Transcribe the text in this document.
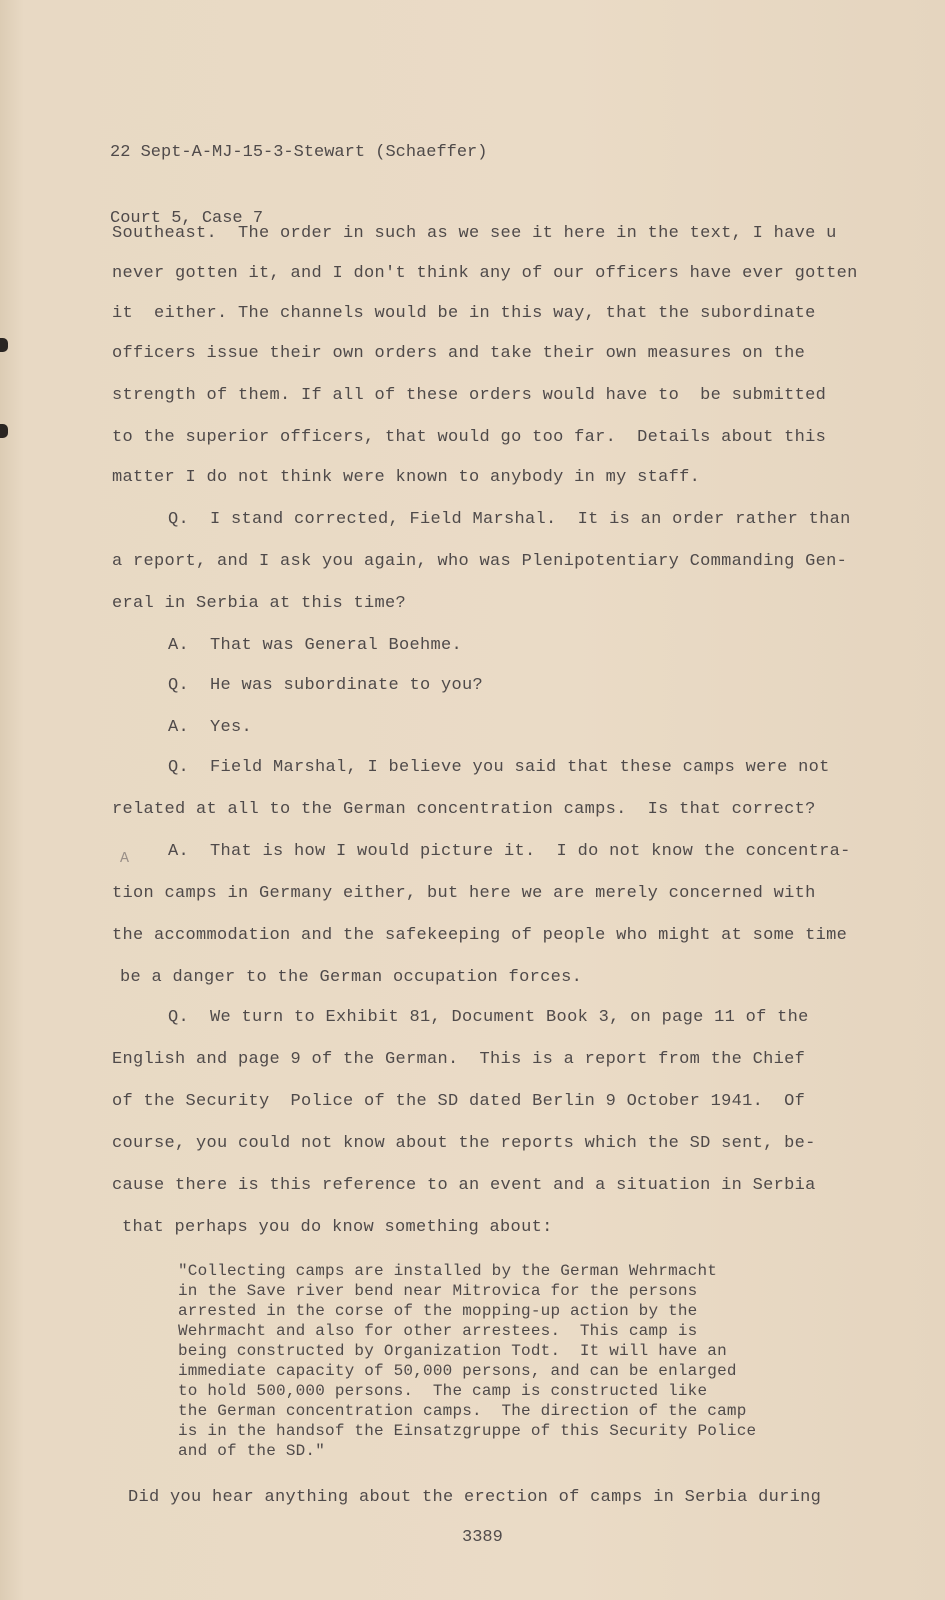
22 Sept-A-MJ-15-3-Stewart (Schaeffer)

Court 5, Case 7

Southeast.  The order in such as we see it here in the text, I have u
never gotten it, and I don't think any of our officers have ever gotten
it  either. The channels would be in this way, that the subordinate
officers issue their own orders and take their own measures on the
strength of them. If all of these orders would have to  be submitted
to the superior officers, that would go too far.  Details about this
matter I do not think were known to anybody in my staff.
Q.  I stand corrected, Field Marshal.  It is an order rather than
a report, and I ask you again, who was Plenipotentiary Commanding Gen-
eral in Serbia at this time?
A.  That was General Boehme.
Q.  He was subordinate to you?
A.  Yes.
Q.  Field Marshal, I believe you said that these camps were not
related at all to the German concentration camps.  Is that correct?
A A.  That is how I would picture it.  I do not know the concentra-
tion camps in Germany either, but here we are merely concerned with
the accommodation and the safekeeping of people who might at some time
be a danger to the German occupation forces.
Q.  We turn to Exhibit 81, Document Book 3, on page 11 of the
English and page 9 of the German.  This is a report from the Chief
of the Security  Police of the SD dated Berlin 9 October 1941.  Of
course, you could not know about the reports which the SD sent, be-
cause there is this reference to an event and a situation in Serbia
that perhaps you do know something about:
"Collecting camps are installed by the German Wehrmacht
in the Save river bend near Mitrovica for the persons
arrested in the corse of the mopping-up action by the
Wehrmacht and also for other arrestees.  This camp is
being constructed by Organization Todt.  It will have an
immediate capacity of 50,000 persons, and can be enlarged
to hold 500,000 persons.  The camp is constructed like
the German concentration camps.  The direction of the camp
is in the handsof the Einsatzgruppe of this Security Police
and of the SD."
Did you hear anything about the erection of camps in Serbia during
3389
